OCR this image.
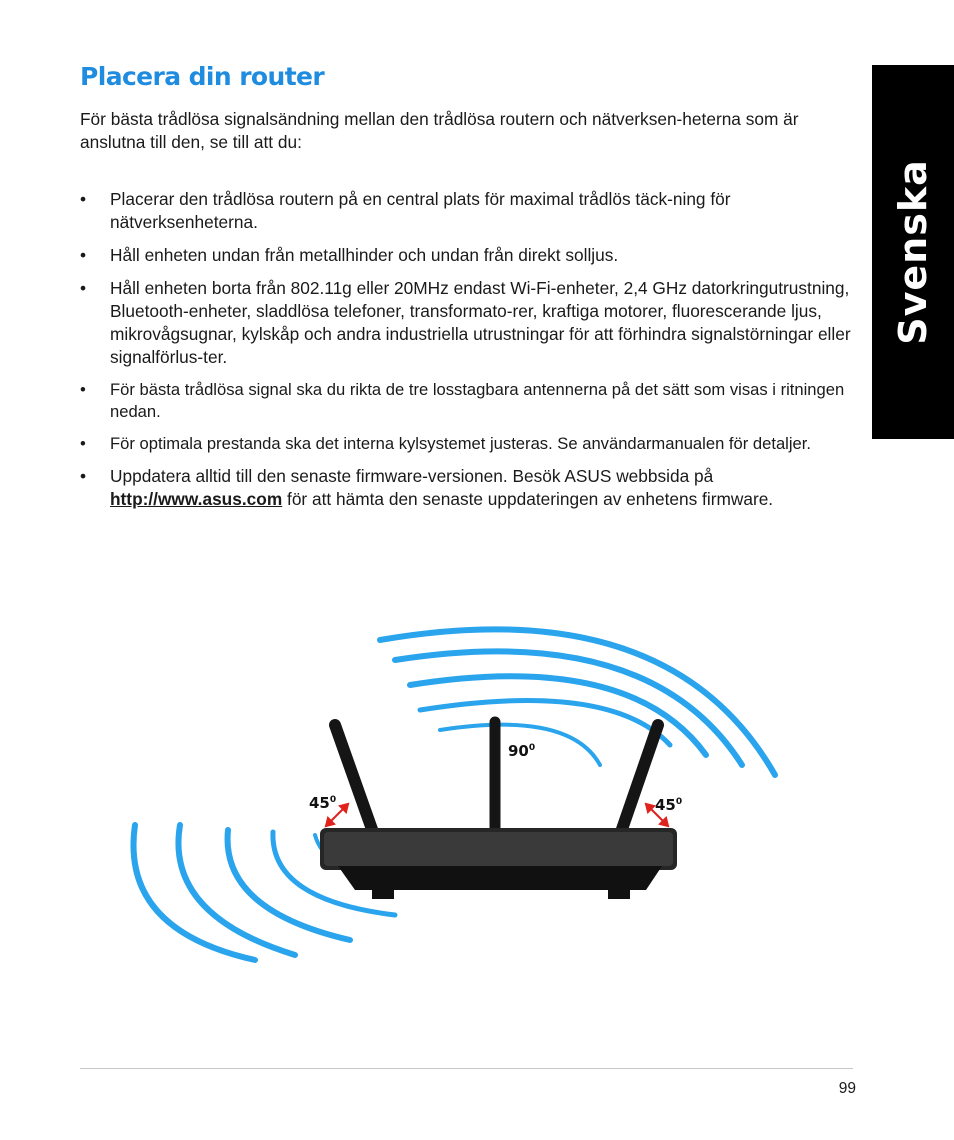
Placera din router

För bästa trådlösa signalsändning mellan den trådlösa routern och nätverksen-heterna som är anslutna till den, se till att du:

• Placerar den trådlösa routern på en central plats för maximal trådlös täck-ning för nätverksenheterna.
• Håll enheten undan från metallhinder och undan från direkt solljus.
• Håll enheten borta från 802.11g eller 20MHz endast Wi-Fi-enheter, 2,4 GHz datorkringutrustning, Bluetooth-enheter, sladdlösa telefoner, transformato-rer, kraftiga motorer, fluorescerande ljus, mikrovågsugnar, kylskåp och andra industriella utrustningar för att förhindra signalstörningar eller signalförlus-ter.
• För bästa trådlösa signal ska du rikta de tre losstagbara antennerna på det sätt som visas i ritningen nedan.
• För optimala prestanda ska det interna kylsystemet justeras. Se användarmanualen för detaljer.
• Uppdatera alltid till den senaste firmware-versionen. Besök ASUS webbsida på http://www.asus.com för att hämta den senaste uppdateringen av enhetens firmware.
Svenska
$90^0$
$45^0$	$45^0$
99
